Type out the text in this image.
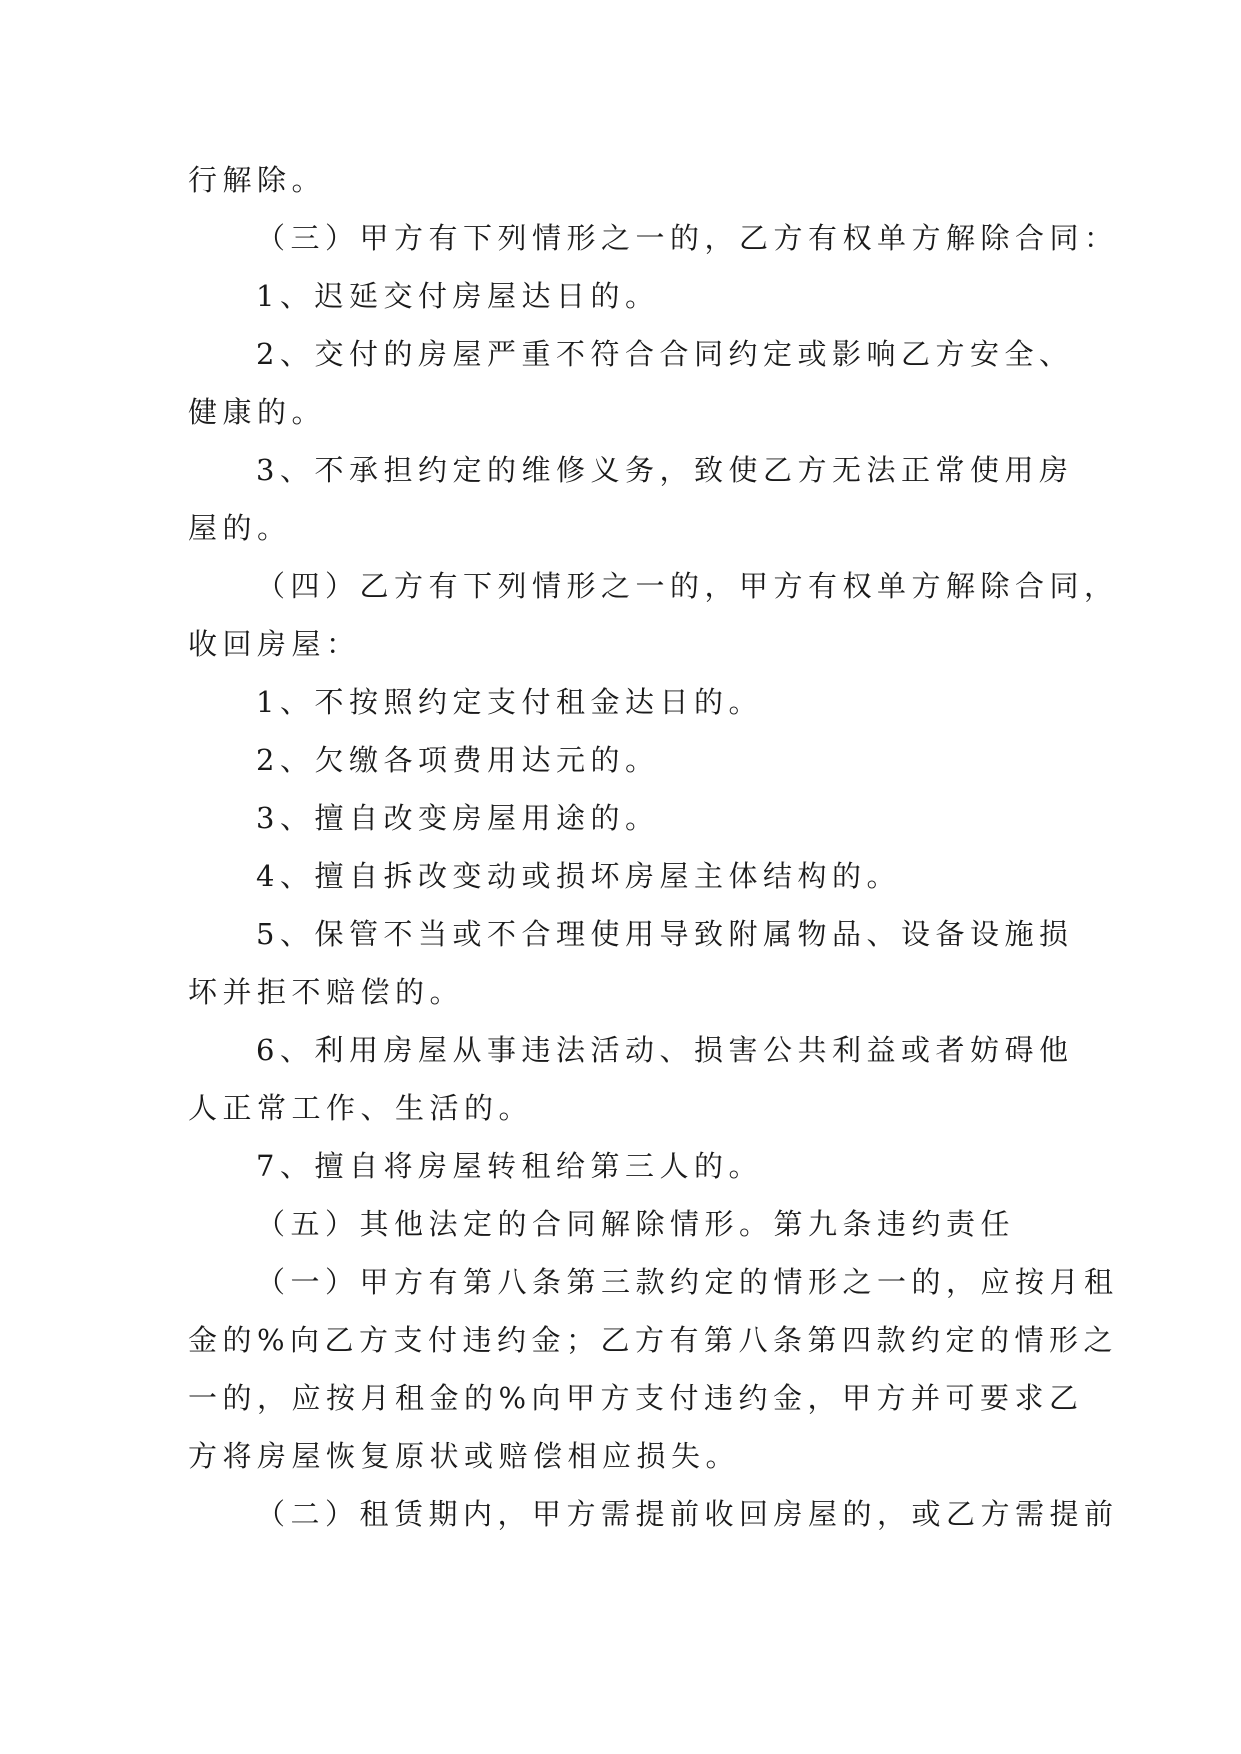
行解除。
（三）甲方有下列情形之一的，乙方有权单方解除合同：
1、迟延交付房屋达日的。
2、交付的房屋严重不符合合同约定或影响乙方安全、
健康的。
3、不承担约定的维修义务，致使乙方无法正常使用房
屋的。
（四）乙方有下列情形之一的，甲方有权单方解除合同，
收回房屋：
1、不按照约定支付租金达日的。
2、欠缴各项费用达元的。
3、擅自改变房屋用途的。
4、擅自拆改变动或损坏房屋主体结构的。
5、保管不当或不合理使用导致附属物品、设备设施损
坏并拒不赔偿的。
6、利用房屋从事违法活动、损害公共利益或者妨碍他
人正常工作、生活的。
7、擅自将房屋转租给第三人的。
（五）其他法定的合同解除情形。第九条违约责任
（一）甲方有第八条第三款约定的情形之一的，应按月租
金的%向乙方支付违约金；乙方有第八条第四款约定的情形之
一的，应按月租金的%向甲方支付违约金，甲方并可要求乙
方将房屋恢复原状或赔偿相应损失。
（二）租赁期内，甲方需提前收回房屋的，或乙方需提前
